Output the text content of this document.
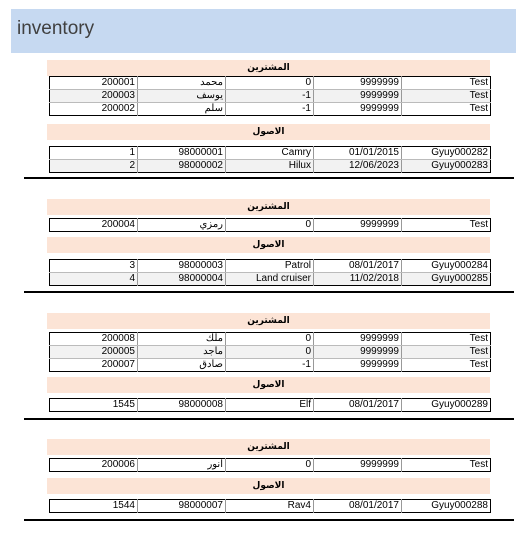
inventory
المشترين
200001	محمد	0	9999999	Test
200003	يوسف	-1	9999999	Test
200002	سلم	-1	9999999	Test
الاصول
1	98000001	Camry	01/01/2015	Gyuy000282
2	98000002	Hilux	12/06/2023	Gyuy000283
المشترين
200004	رمزي	0	9999999	Test
الاصول
3	98000003	Patrol	08/01/2017	Gyuy000284
4	98000004	Land cruiser	11/02/2018	Gyuy000285
المشترين
200008	ملك	0	9999999	Test
200005	ماجد	0	9999999	Test
200007	صادق	-1	9999999	Test
الاصول
1545	98000008	Elf	08/01/2017	Gyuy000289
المشترين
200006	أنور	0	9999999	Test
الاصول
1544	98000007	Rav4	08/01/2017	Gyuy000288
